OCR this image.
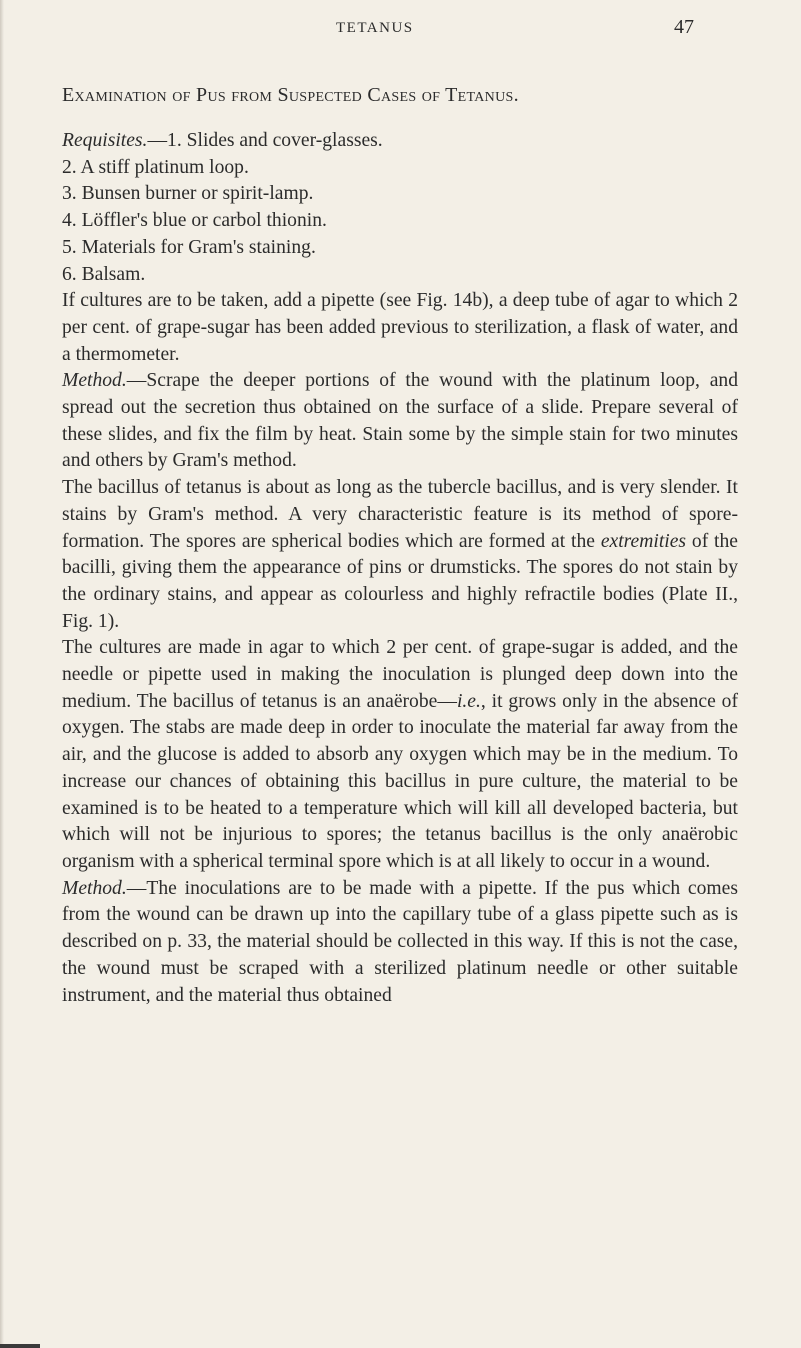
TETANUS	47
Examination of Pus from Suspected Cases of Tetanus.

Requisites.—1. Slides and cover-glasses.

2. A stiff platinum loop.

3. Bunsen burner or spirit-lamp.

4. Löffler's blue or carbol thionin.

5. Materials for Gram's staining.

6. Balsam.

If cultures are to be taken, add a pipette (see Fig. 14b), a deep tube of agar to which 2 per cent. of grape-sugar has been added previous to sterilization, a flask of water, and a thermometer.

Method.—Scrape the deeper portions of the wound with the platinum loop, and spread out the secretion thus obtained on the surface of a slide. Prepare several of these slides, and fix the film by heat. Stain some by the simple stain for two minutes and others by Gram's method.

The bacillus of tetanus is about as long as the tubercle bacillus, and is very slender. It stains by Gram's method. A very characteristic feature is its method of spore-formation. The spores are spherical bodies which are formed at the extremities of the bacilli, giving them the appearance of pins or drumsticks. The spores do not stain by the ordinary stains, and appear as colourless and highly refractile bodies (Plate II., Fig. 1).

The cultures are made in agar to which 2 per cent. of grape-sugar is added, and the needle or pipette used in making the inoculation is plunged deep down into the medium. The bacillus of tetanus is an anaërobe—i.e., it grows only in the absence of oxygen. The stabs are made deep in order to inoculate the material far away from the air, and the glucose is added to absorb any oxygen which may be in the medium. To increase our chances of obtaining this bacillus in pure culture, the material to be examined is to be heated to a temperature which will kill all developed bacteria, but which will not be injurious to spores; the tetanus bacillus is the only anaërobic organism with a spherical terminal spore which is at all likely to occur in a wound.

Method.—The inoculations are to be made with a pipette. If the pus which comes from the wound can be drawn up into the capillary tube of a glass pipette such as is described on p. 33, the material should be collected in this way. If this is not the case, the wound must be scraped with a sterilized platinum needle or other suitable instrument, and the material thus obtained
